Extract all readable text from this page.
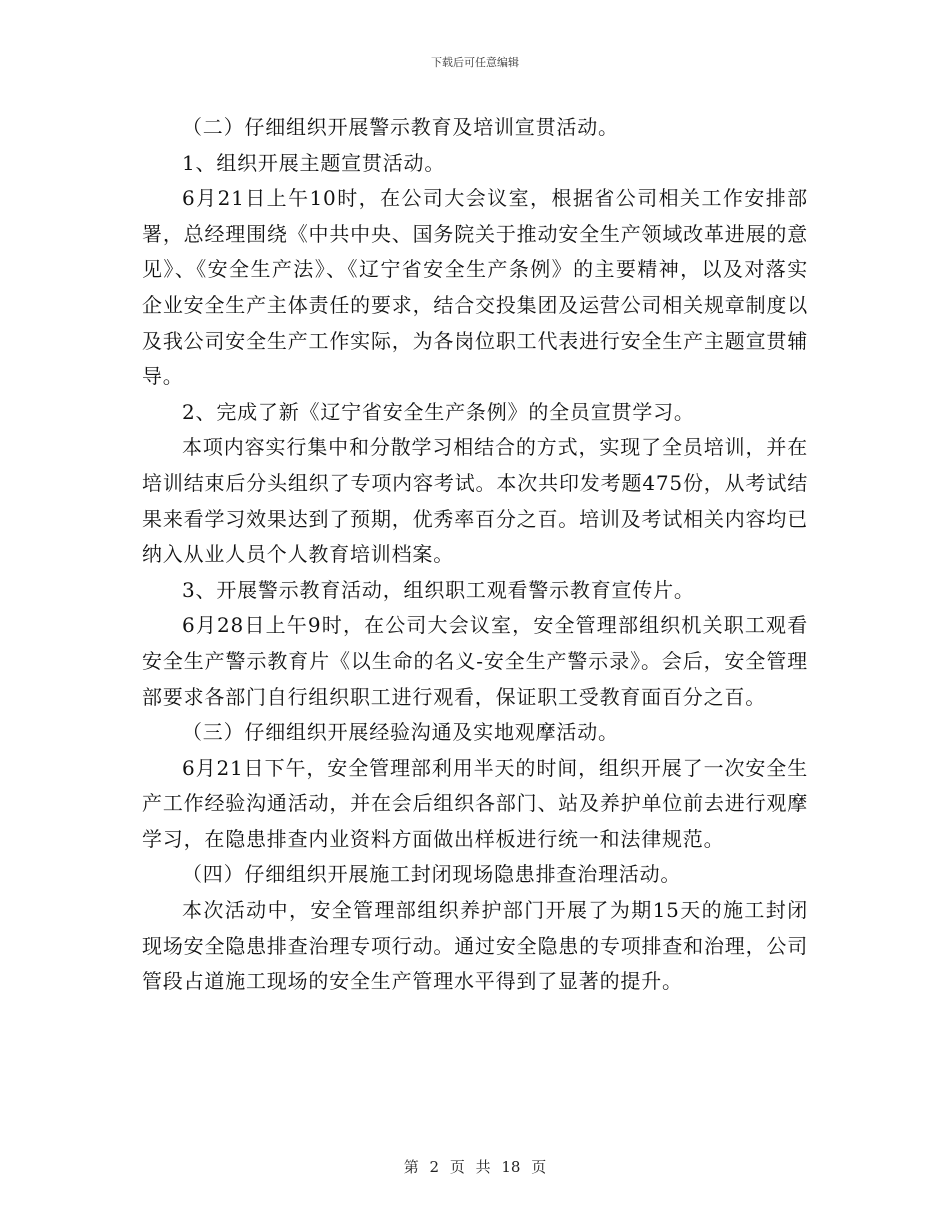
下载后可任意编辑

（二）仔细组织开展警示教育及培训宣贯活动。

1、组织开展主题宣贯活动。

6月21日上午10时，在公司大会议室，根据省公司相关工作安排部署，总经理围绕《中共中央、国务院关于推动安全生产领域改革进展的意见》、《安全生产法》、《辽宁省安全生产条例》的主要精神，以及对落实企业安全生产主体责任的要求，结合交投集团及运营公司相关规章制度以及我公司安全生产工作实际，为各岗位职工代表进行安全生产主题宣贯辅导。

2、完成了新《辽宁省安全生产条例》的全员宣贯学习。

本项内容实行集中和分散学习相结合的方式，实现了全员培训，并在培训结束后分头组织了专项内容考试。本次共印发考题475份，从考试结果来看学习效果达到了预期，优秀率百分之百。培训及考试相关内容均已纳入从业人员个人教育培训档案。

3、开展警示教育活动，组织职工观看警示教育宣传片。

6月28日上午9时，在公司大会议室，安全管理部组织机关职工观看安全生产警示教育片《以生命的名义-安全生产警示录》。会后，安全管理部要求各部门自行组织职工进行观看，保证职工受教育面百分之百。

（三）仔细组织开展经验沟通及实地观摩活动。

6月21日下午，安全管理部利用半天的时间，组织开展了一次安全生产工作经验沟通活动，并在会后组织各部门、站及养护单位前去进行观摩学习，在隐患排查内业资料方面做出样板进行统一和法律规范。

（四）仔细组织开展施工封闭现场隐患排查治理活动。

本次活动中，安全管理部组织养护部门开展了为期15天的施工封闭现场安全隐患排查治理专项行动。通过安全隐患的专项排查和治理，公司管段占道施工现场的安全生产管理水平得到了显著的提升。

第 2 页 共 18 页
